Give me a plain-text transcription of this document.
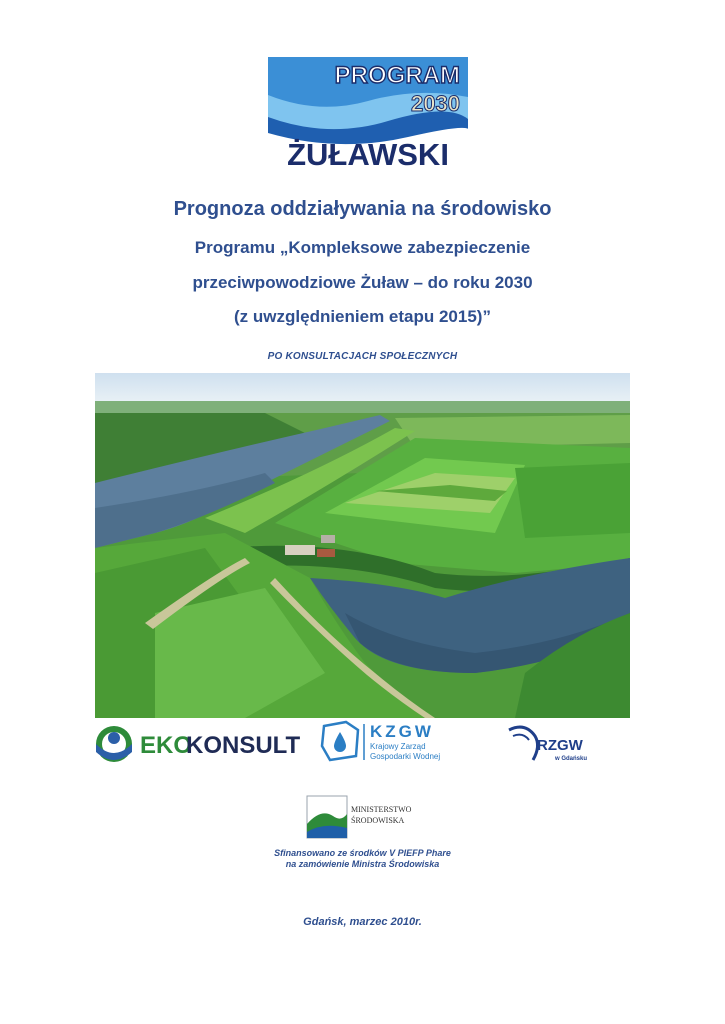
PROGRAM
2030
ŻUŁAWSKI
Prognoza oddziaływania na środowisko
Programu „Kompleksowe zabezpieczenie
przeciwpowodziowe Żuław – do roku 2030
(z uwzględnieniem etapu 2015)”
PO KONSULTACJACH SPOŁECZNYCH
EKO
KONSULT
KZGW
Krajowy Zarząd
Gospodarki Wodnej
RZGW
w Gdańsku
MINISTERSTWO
ŚRODOWISKA
Sfinansowano ze środków V PIEFP Phare
na zamówienie Ministra Środowiska
Gdańsk, marzec 2010r.
